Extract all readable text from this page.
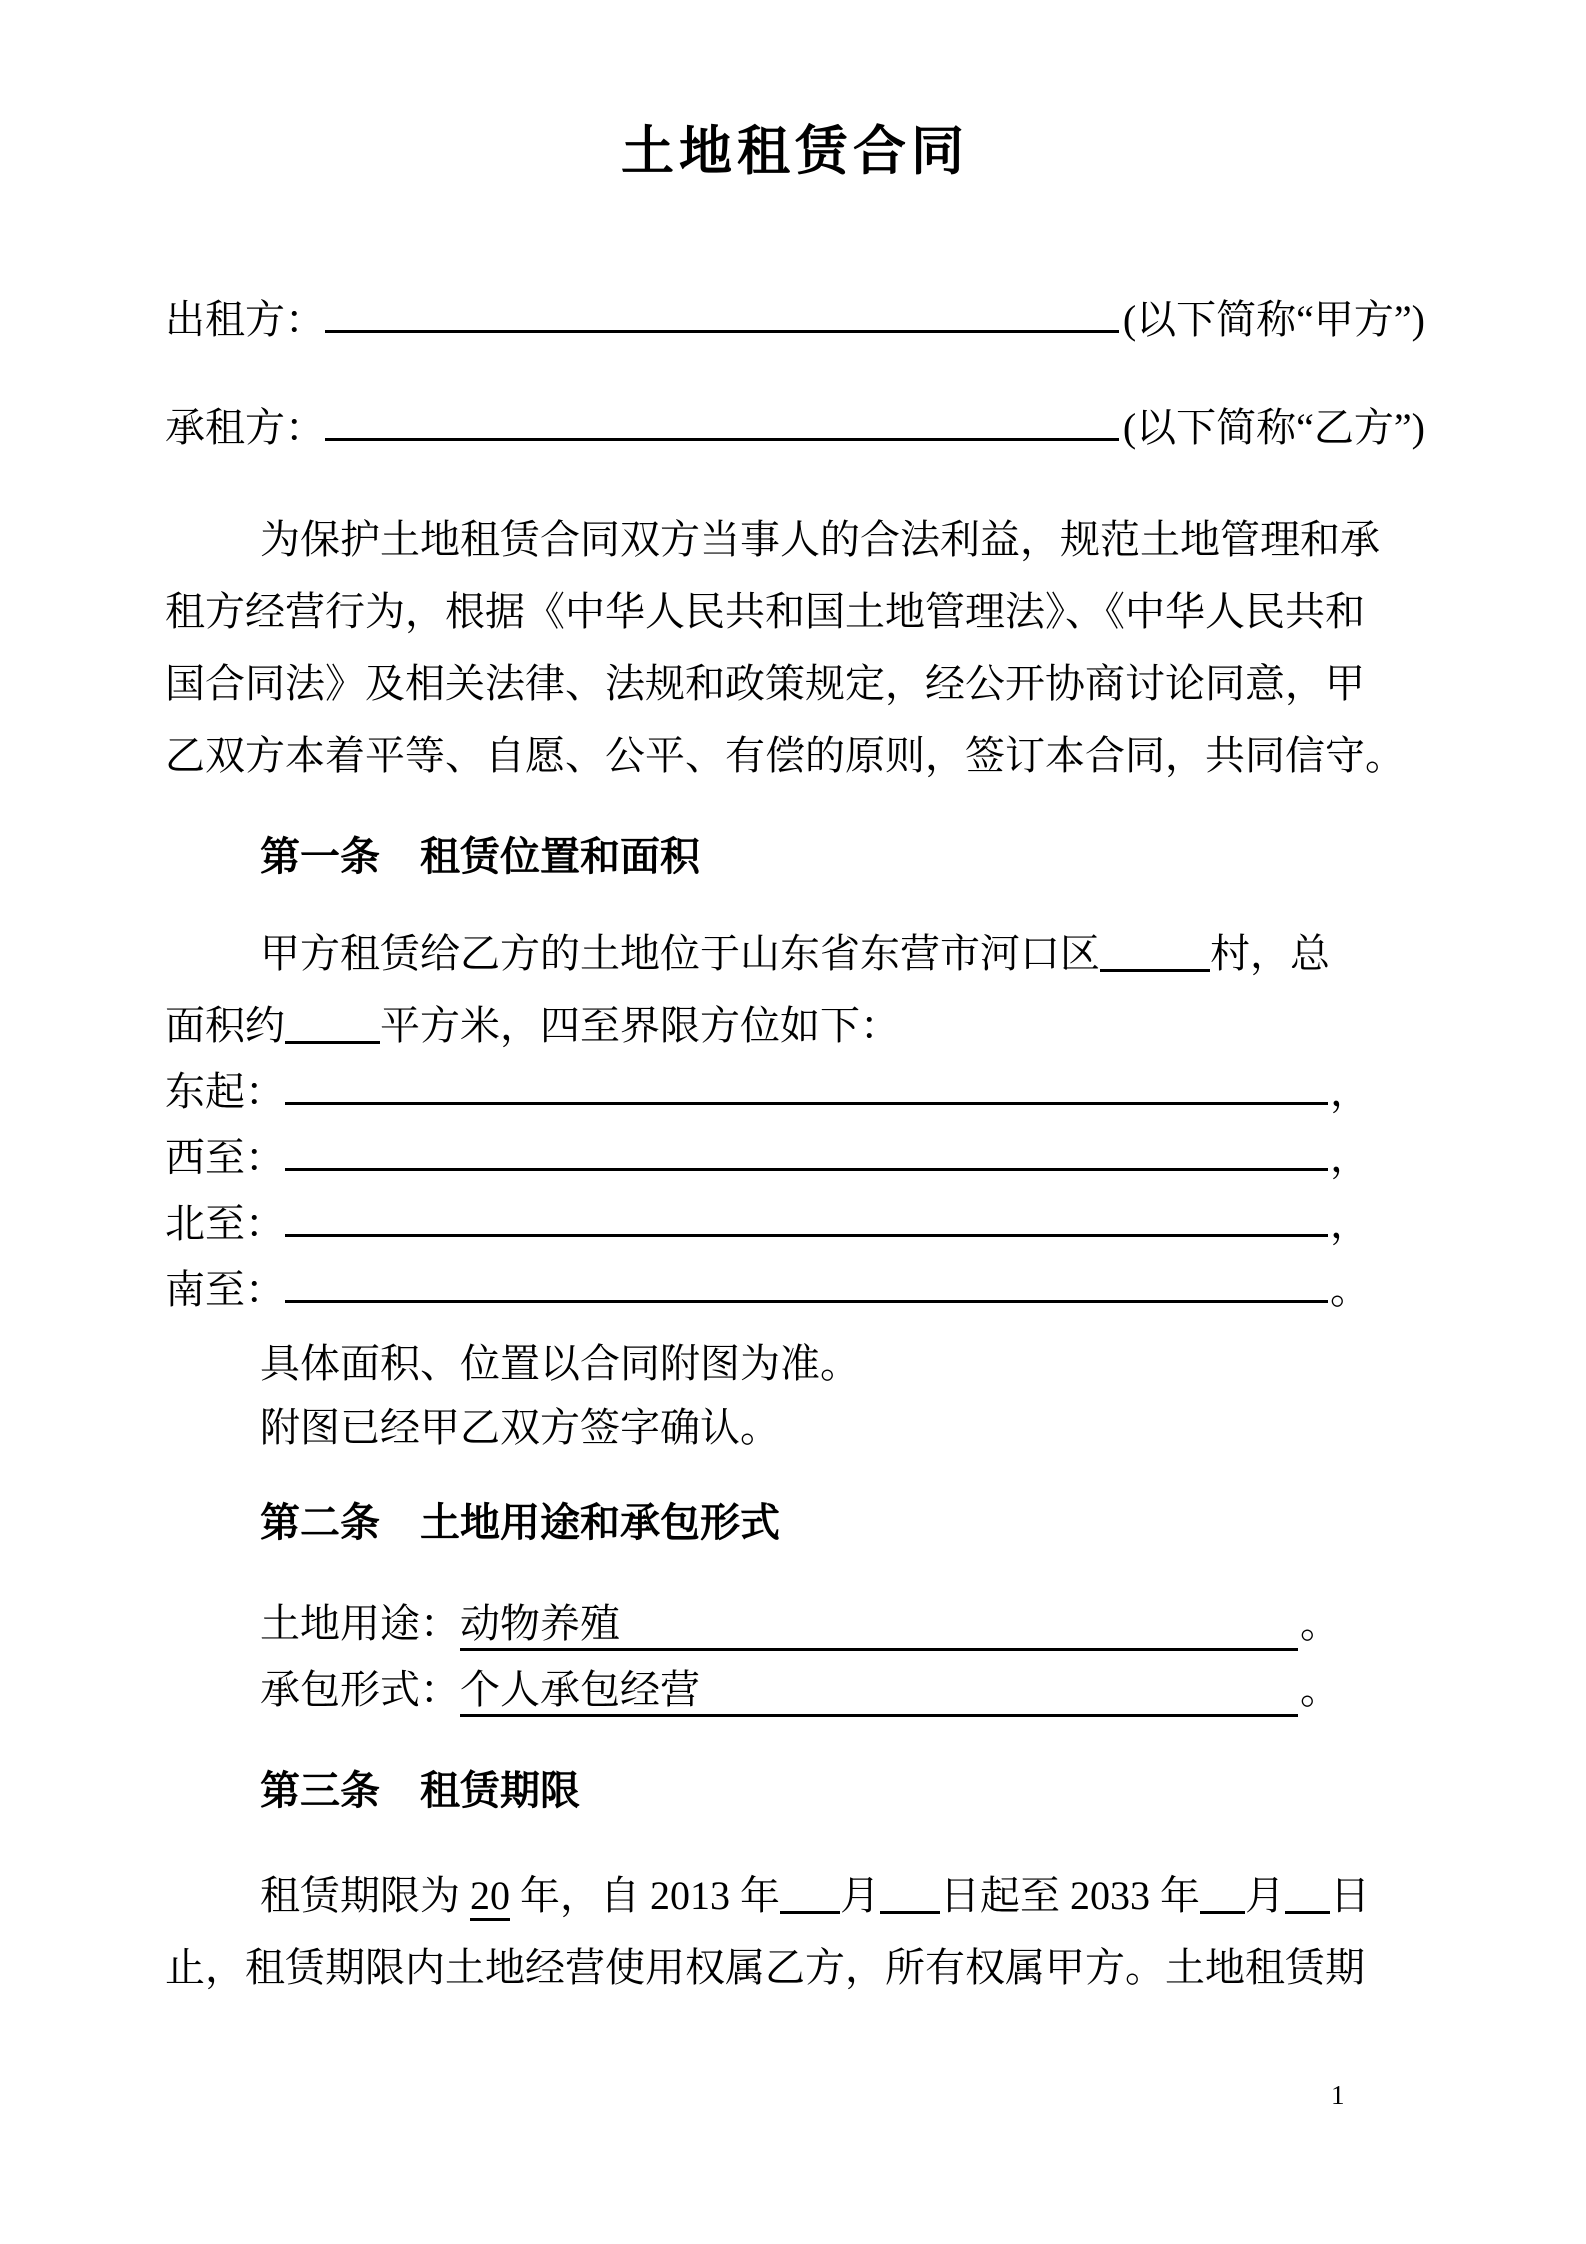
土地租赁合同
出租方：	(以下简称“甲方”)
承租方：	(以下简称“乙方”)
为保护土地租赁合同双方当事人的合法利益，规范土地管理和承
租方经营行为，根据《中华人民共和国土地管理法》、《中华人民共和
国合同法》及相关法律、法规和政策规定，经公开协商讨论同意，甲
乙双方本着平等、自愿、公平、有偿的原则，签订本合同，共同信守。
第一条　租赁位置和面积
甲方租赁给乙方的土地位于山东省东营市河口区	村，总
面积约 平方米，四至界限方位如下：
东起：	，
西至：	，
北至：	，
南至：	。
具体面积、位置以合同附图为准。
附图已经甲乙双方签字确认。
第二条　土地用途和承包形式
土地用途： 动物养殖	。
承包形式： 个人承包经营	。
第三条　租赁期限
租赁期限为 20 年，自 2013 年 月 日起至 2033 年 月 日
止，租赁期限内土地经营使用权属乙方，所有权属甲方。土地租赁期
1
